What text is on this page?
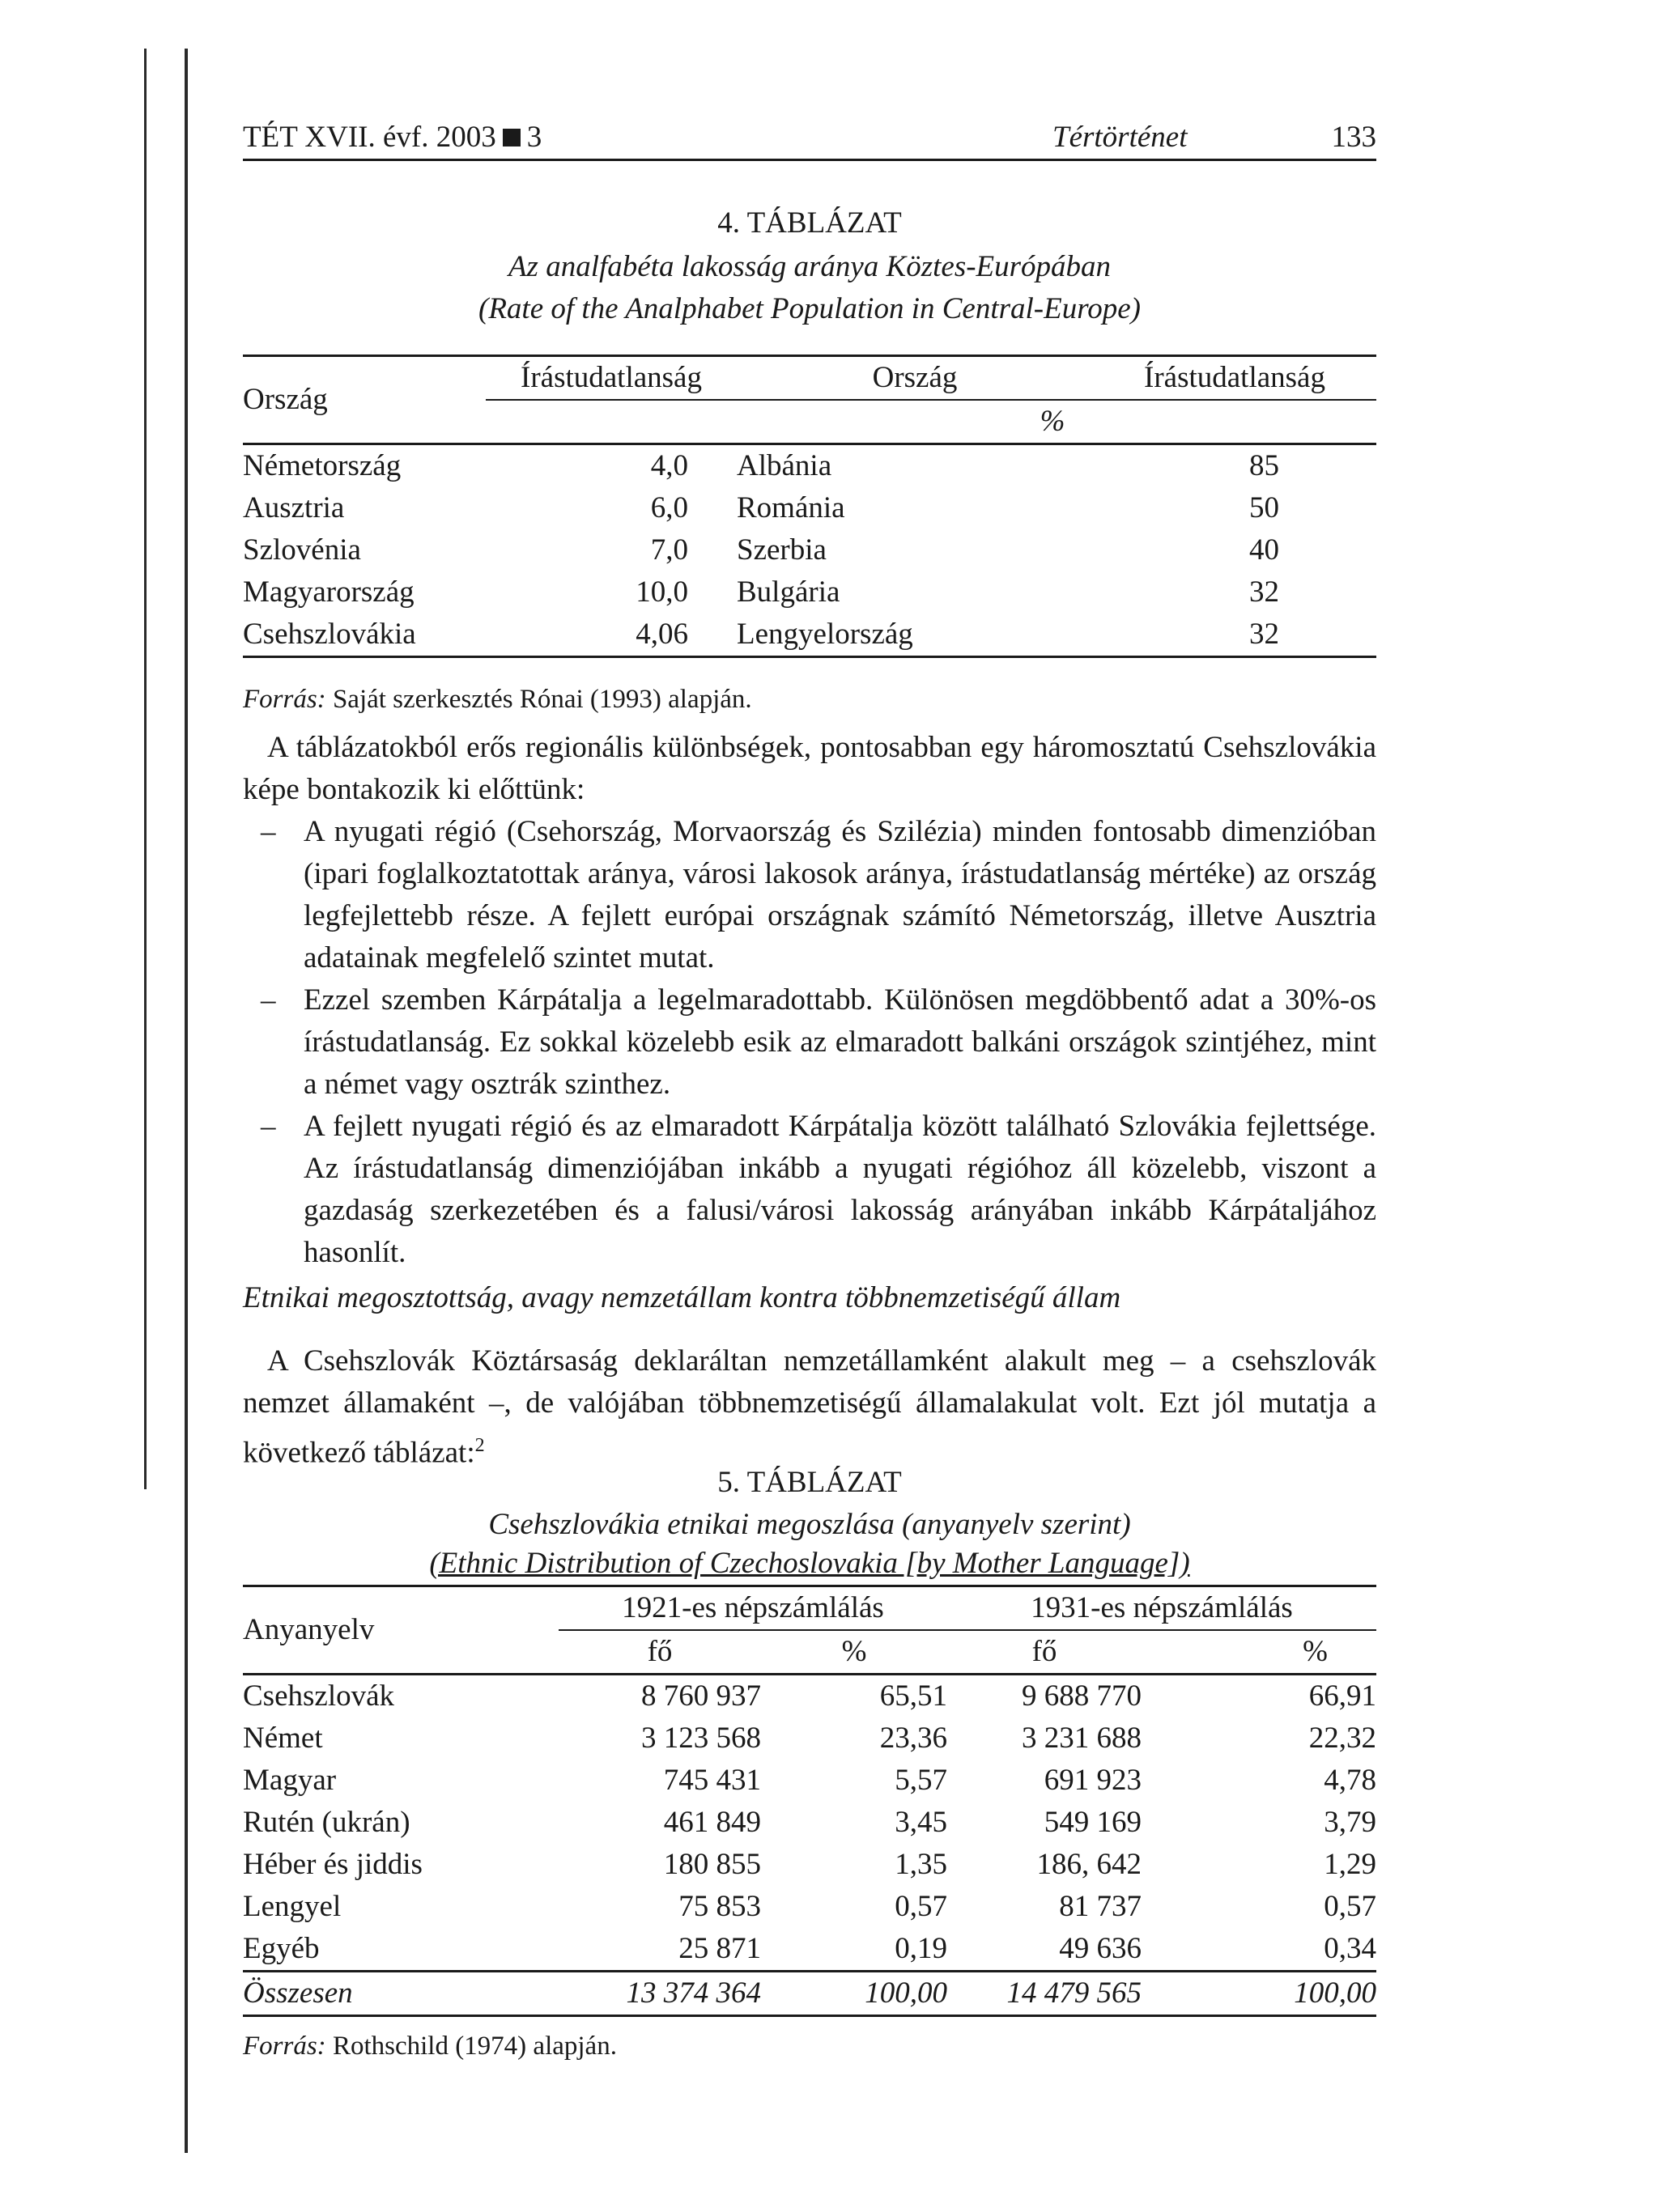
TÉT XVII. évf. 2003 3	Tértörténet	133
4. TÁBLÁZAT
Az analfabéta lakosság aránya Köztes-Európában
(Rate of the Analphabet Population in Central-Europe)
Ország	Írástudatlanság		Ország	Írástudatlanság
	%			
Németország	4,0		Albánia	85
Ausztria	6,0		Románia	50
Szlovénia	7,0		Szerbia	40
Magyarország	10,0		Bulgária	32
Csehszlovákia	4,06		Lengyelország	32
Forrás: Saját szerkesztés Rónai (1993) alapján.

A táblázatokból erős regionális különbségek, pontosabban egy háromosztatú Csehszlovákia képe bontakozik ki előttünk:

– A nyugati régió (Csehország, Morvaország és Szilézia) minden fontosabb dimenzióban (ipari foglalkoztatottak aránya, városi lakosok aránya, írástudatlanság mértéke) az ország legfejlettebb része. A fejlett európai országnak számító Németország, illetve Ausztria adatainak megfelelő szintet mutat.

– Ezzel szemben Kárpátalja a legelmaradottabb. Különösen megdöbbentő adat a 30%-os írástudatlanság. Ez sokkal közelebb esik az elmaradott balkáni országok szintjéhez, mint a német vagy osztrák szinthez.

– A fejlett nyugati régió és az elmaradott Kárpátalja között található Szlovákia fejlettsége. Az írástudatlanság dimenziójában inkább a nyugati régióhoz áll közelebb, viszont a gazdaság szerkezetében és a falusi/városi lakosság arányában inkább Kárpátaljához hasonlít.

Etnikai megosztottság, avagy nemzetállam kontra többnemzetiségű állam

A Csehszlovák Köztársaság deklaráltan nemzetállamként alakult meg – a csehszlovák nemzet államaként –, de valójában többnemzetiségű államalakulat volt. Ezt jól mutatja a következő táblázat:$^2$

5. TÁBLÁZAT
Csehszlovákia etnikai megoszlása (anyanyelv szerint)
(Ethnic Distribution of Czechoslovakia [by Mother Language])
Anyanyelv	1921-es népszámlálás		1931-es népszámlálás	
	fő	%	fő	%
Csehszlovák	8 760 937	65,51	9 688 770	66,91
Német	3 123 568	23,36	3 231 688	22,32
Magyar	745 431	5,57	691 923	4,78
Rutén (ukrán)	461 849	3,45	549 169	3,79
Héber és jiddis	180 855	1,35	186, 642	1,29
Lengyel	75 853	0,57	81 737	0,57
Egyéb	25 871	0,19	49 636	0,34
Összesen	13 374 364	100,00	14 479 565	100,00
Forrás: Rothschild (1974) alapján.
